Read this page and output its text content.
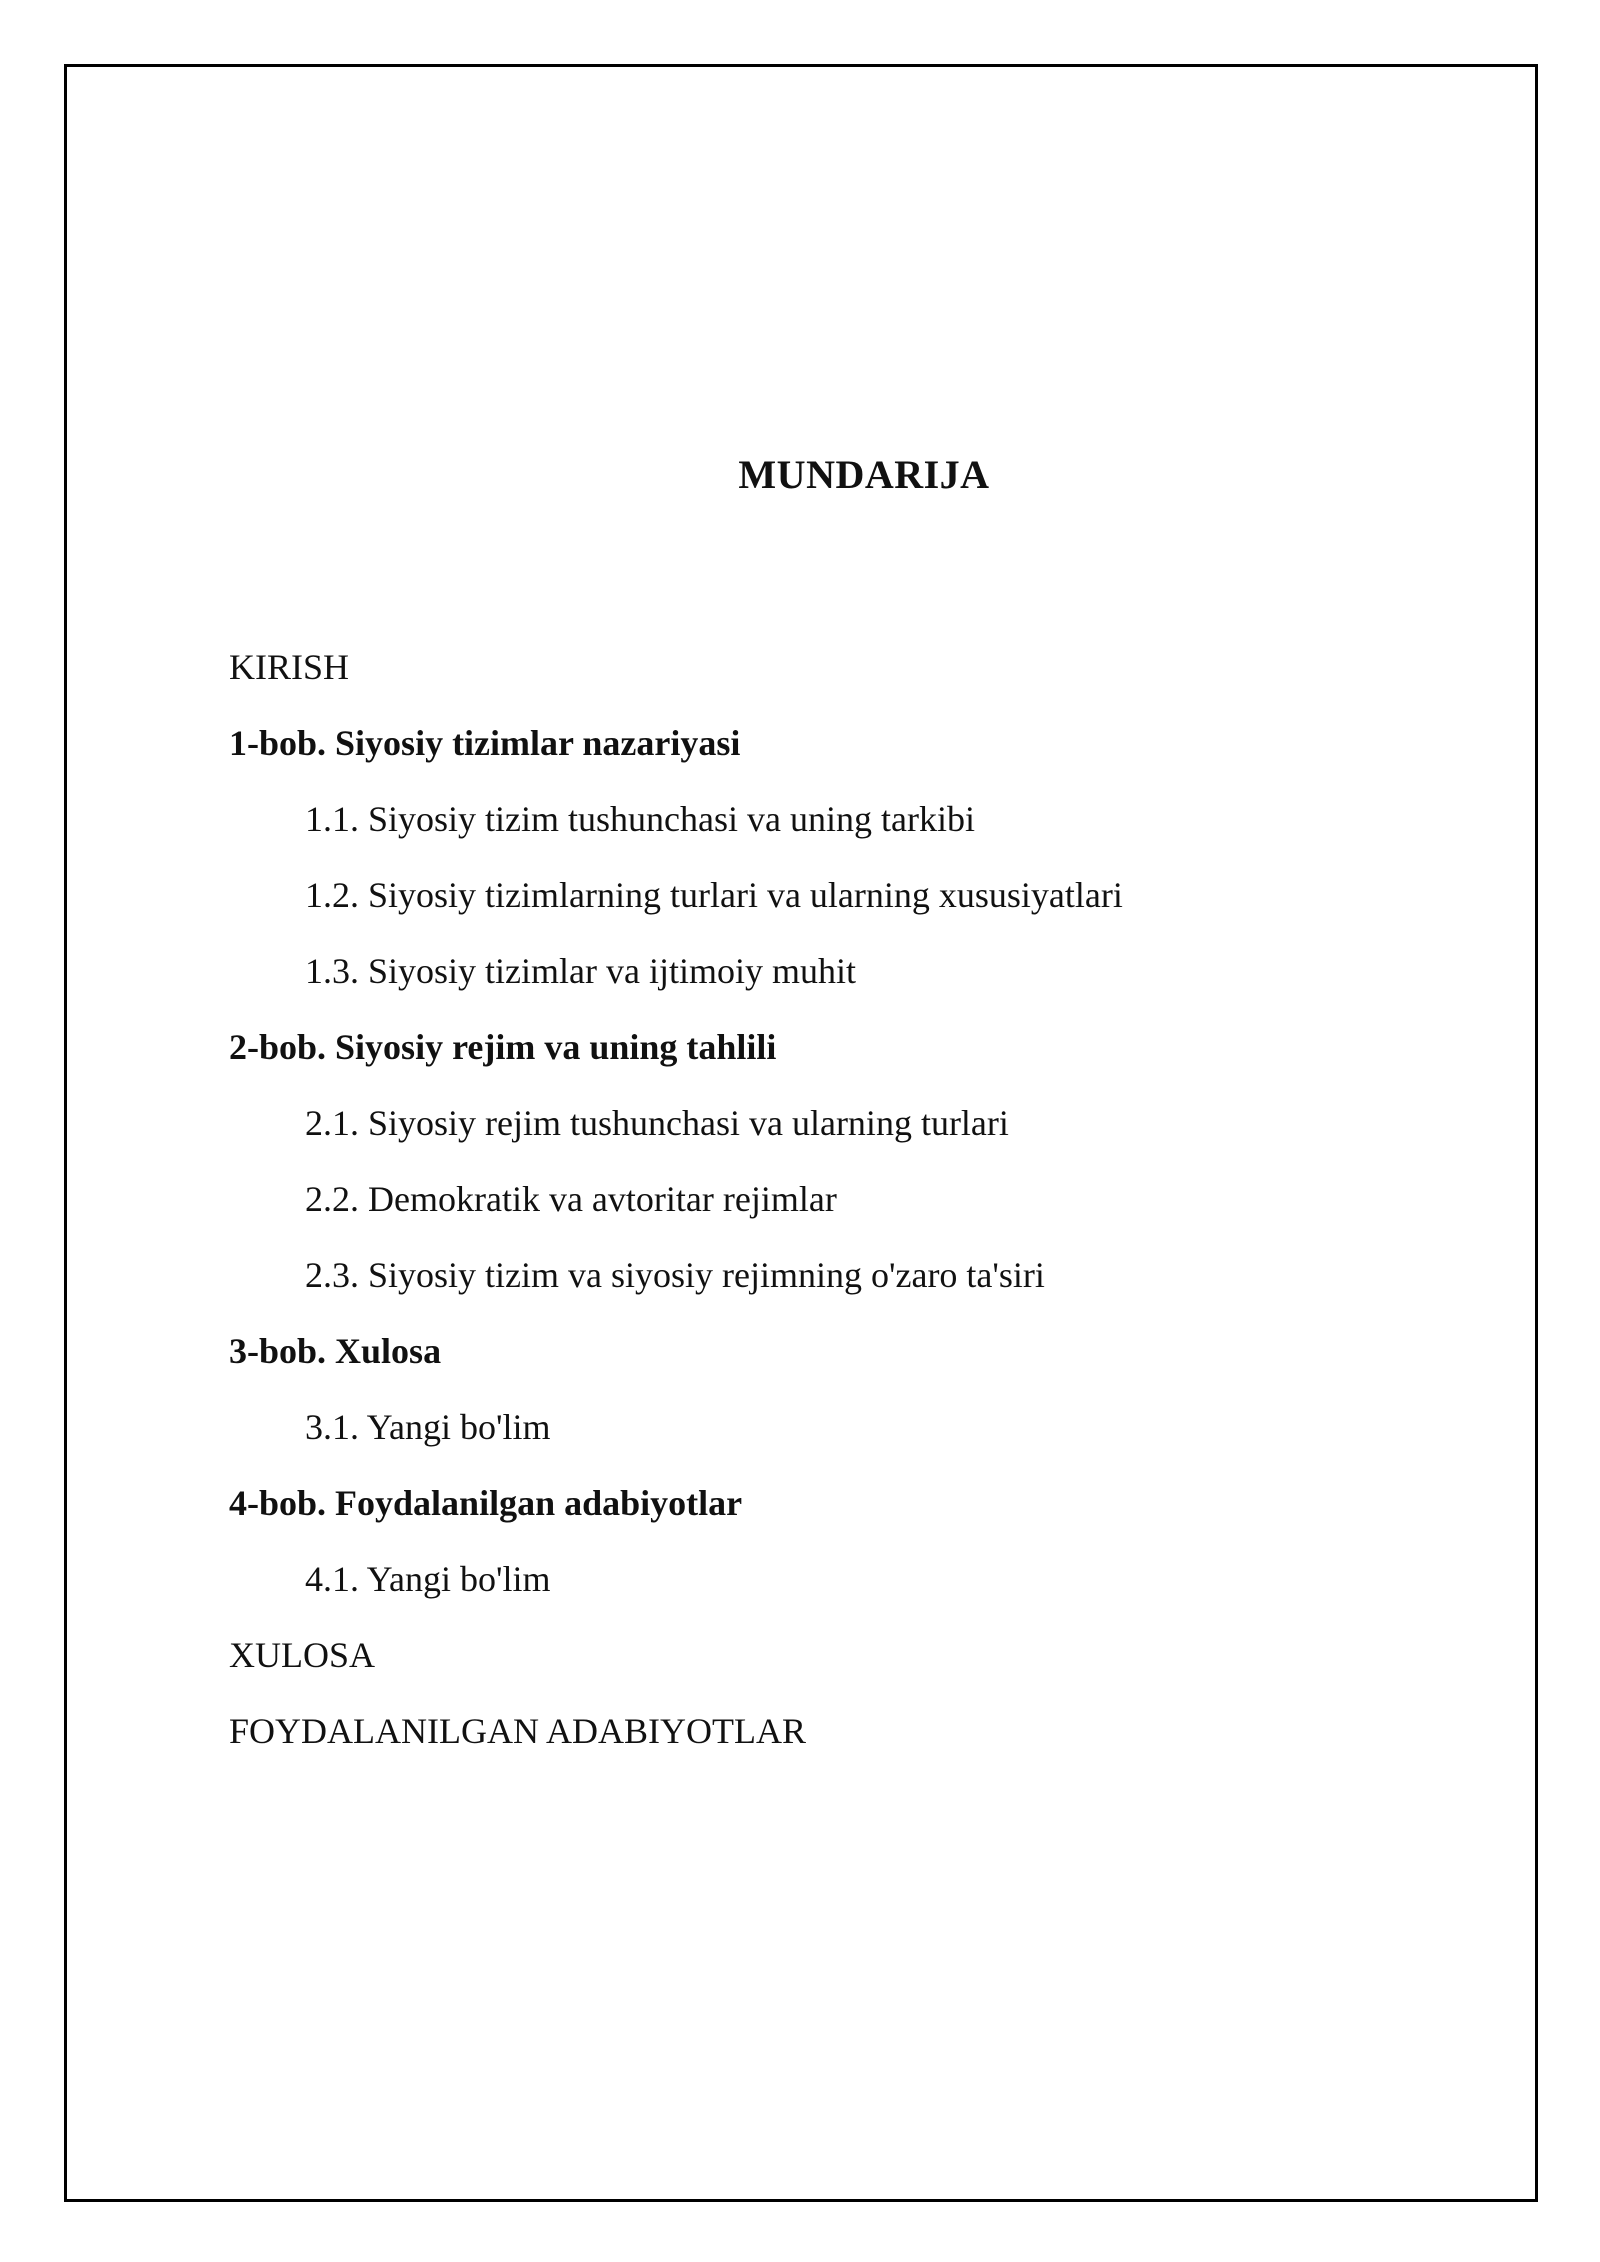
MUNDARIJA
KIRISH
1-bob. Siyosiy tizimlar nazariyasi
1.1. Siyosiy tizim tushunchasi va uning tarkibi
1.2. Siyosiy tizimlarning turlari va ularning xususiyatlari
1.3. Siyosiy tizimlar va ijtimoiy muhit
2-bob. Siyosiy rejim va uning tahlili
2.1. Siyosiy rejim tushunchasi va ularning turlari
2.2. Demokratik va avtoritar rejimlar
2.3. Siyosiy tizim va siyosiy rejimning o'zaro ta'siri
3-bob. Xulosa
3.1. Yangi bo'lim
4-bob. Foydalanilgan adabiyotlar
4.1. Yangi bo'lim
XULOSA
FOYDALANILGAN ADABIYOTLAR
